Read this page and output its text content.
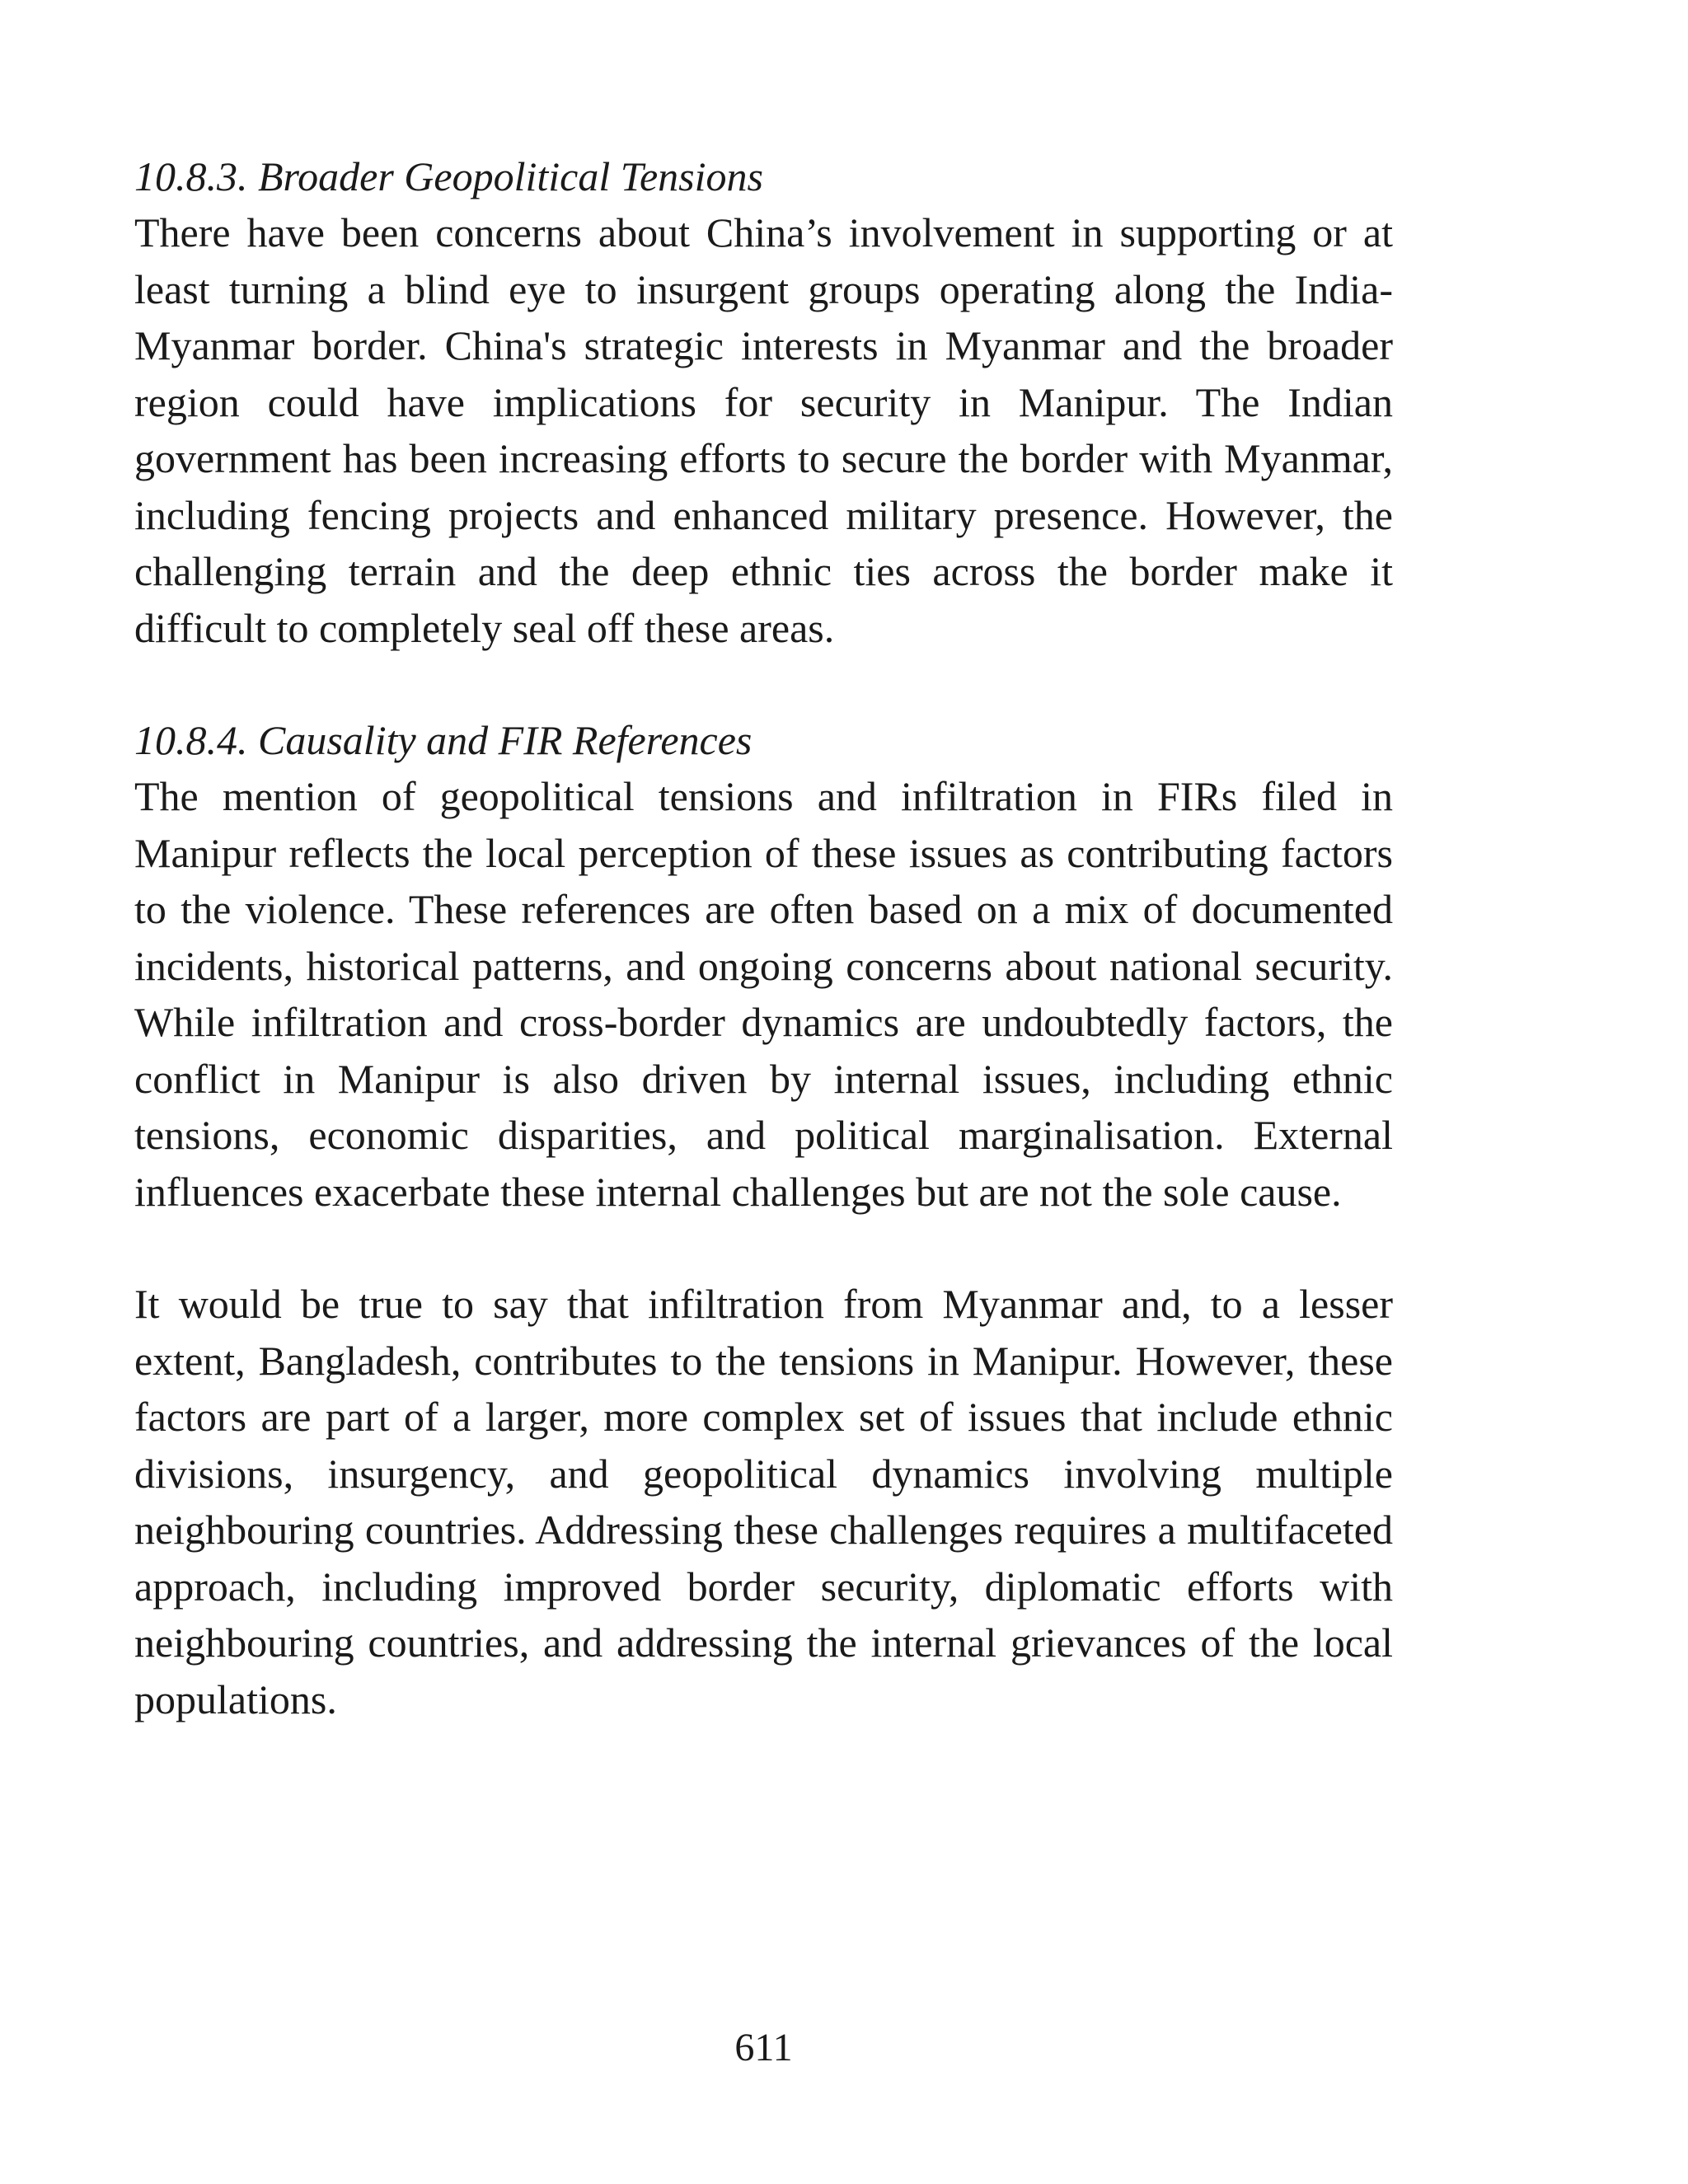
10.8.3. Broader Geopolitical Tensions

There have been concerns about China’s involvement in supporting or at least turning a blind eye to insurgent groups operating along the India-Myanmar border. China's strategic interests in Myanmar and the broader region could have implications for security in Manipur. The Indian government has been increasing efforts to secure the border with Myanmar, including fencing projects and enhanced military presence. However, the challenging terrain and the deep ethnic ties across the border make it difficult to completely seal off these areas.

10.8.4. Causality and FIR References

The mention of geopolitical tensions and infiltration in FIRs filed in Manipur reflects the local perception of these issues as contributing factors to the violence. These references are often based on a mix of documented incidents, historical patterns, and ongoing concerns about national security. While infiltration and cross-border dynamics are undoubtedly factors, the conflict in Manipur is also driven by internal issues, including ethnic tensions, economic disparities, and political marginalisation. External influences exacerbate these internal challenges but are not the sole cause.

It would be true to say that infiltration from Myanmar and, to a lesser extent, Bangladesh, contributes to the tensions in Manipur. However, these factors are part of a larger, more complex set of issues that include ethnic divisions, insurgency, and geopolitical dynamics involving multiple neighbouring countries. Addressing these challenges requires a multifaceted approach, including improved border security, diplomatic efforts with neighbouring countries, and addressing the internal grievances of the local populations.

611
